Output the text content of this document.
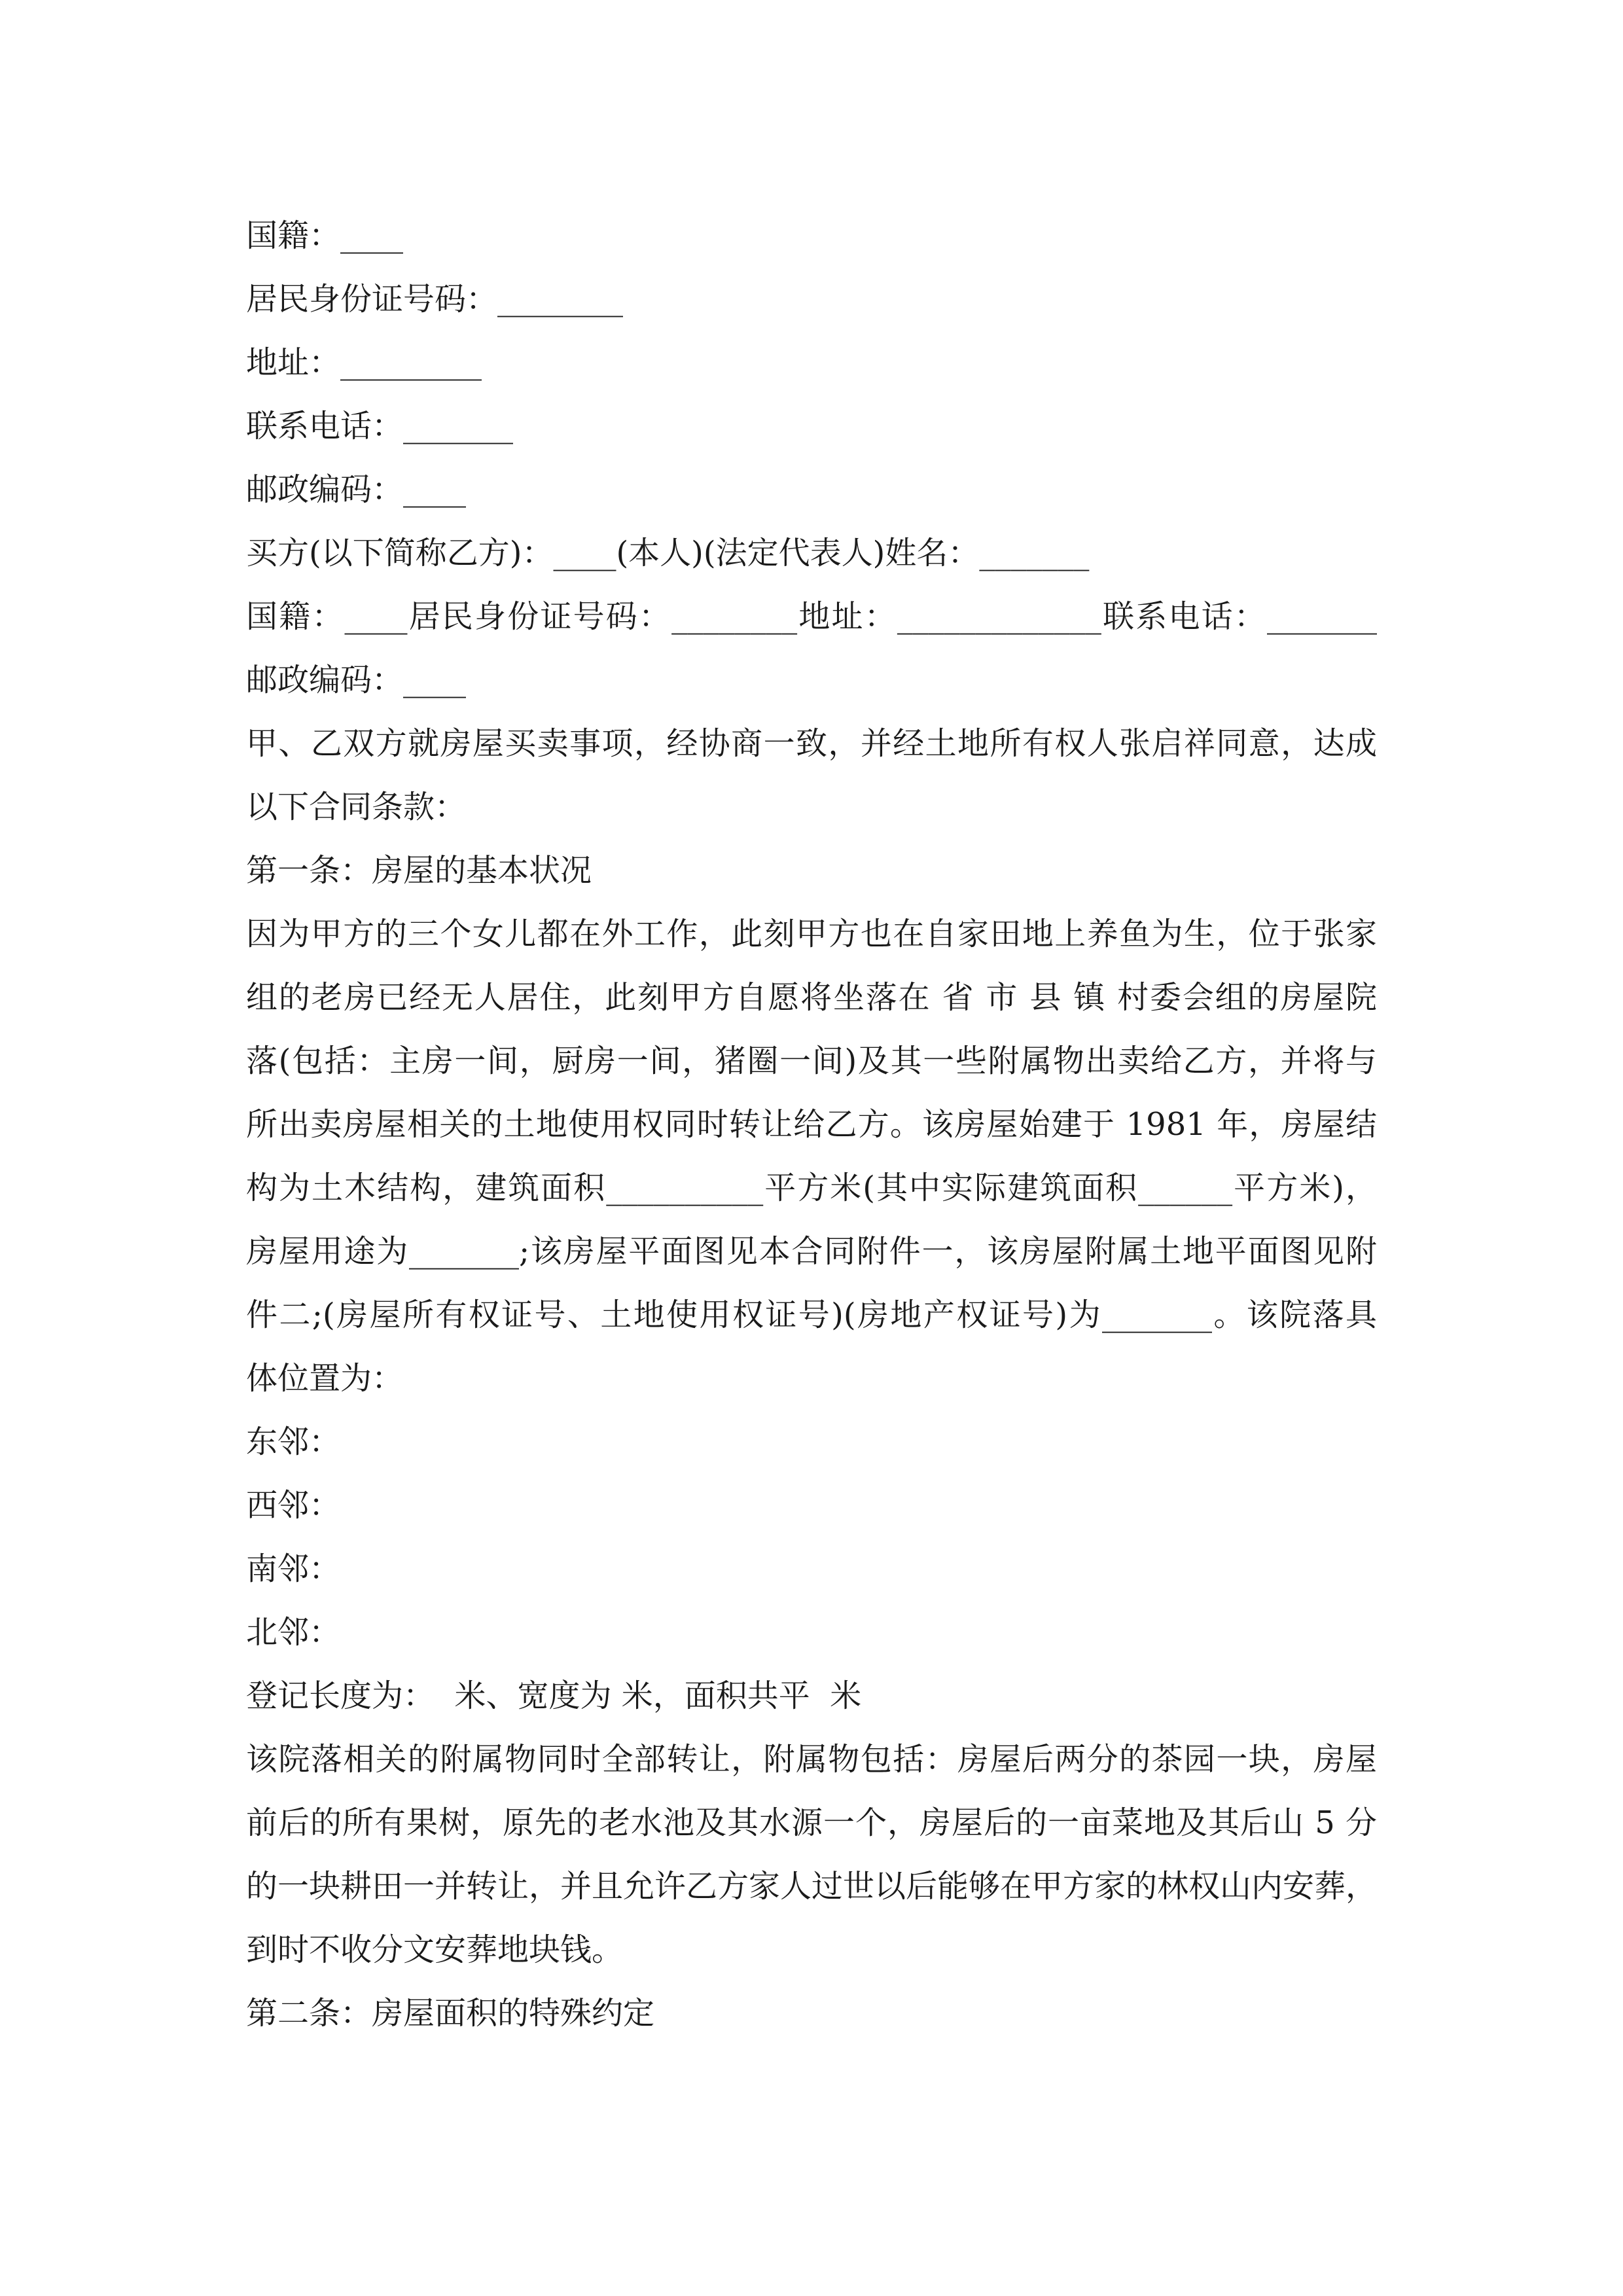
国籍：____
居民身份证号码：________
地址：_________
联系电话：_______
邮政编码：____
买方(以下简称乙方)：____(本人)(法定代表人)姓名：_______
国籍：____居民身份证号码：________地址：_____________联系电话：_______
邮政编码：____
甲、乙双方就房屋买卖事项，经协商一致，并经土地所有权人张启祥同意，达成
以下合同条款：
第一条：房屋的基本状况
因为甲方的三个女儿都在外工作，此刻甲方也在自家田地上养鱼为生，位于张家
组的老房已经无人居住，此刻甲方自愿将坐落在 省 市 县 镇 村委会组的房屋院
落(包括：主房一间，厨房一间，猪圈一间)及其一些附属物出卖给乙方，并将与
所出卖房屋相关的土地使用权同时转让给乙方。该房屋始建于 1981 年，房屋结
构为土木结构，建筑面积__________平方米(其中实际建筑面积______平方米)，
房屋用途为_______;该房屋平面图见本合同附件一，该房屋附属土地平面图见附
件二;(房屋所有权证号、土地使用权证号)(房地产权证号)为_______。该院落具
体位置为：
东邻：
西邻：
南邻：
北邻：
登记长度为：  米、宽度为 米，面积共平  米
该院落相关的附属物同时全部转让，附属物包括：房屋后两分的茶园一块，房屋
前后的所有果树，原先的老水池及其水源一个，房屋后的一亩菜地及其后山 5 分
的一块耕田一并转让，并且允许乙方家人过世以后能够在甲方家的林权山内安葬，
到时不收分文安葬地块钱。
第二条：房屋面积的特殊约定
